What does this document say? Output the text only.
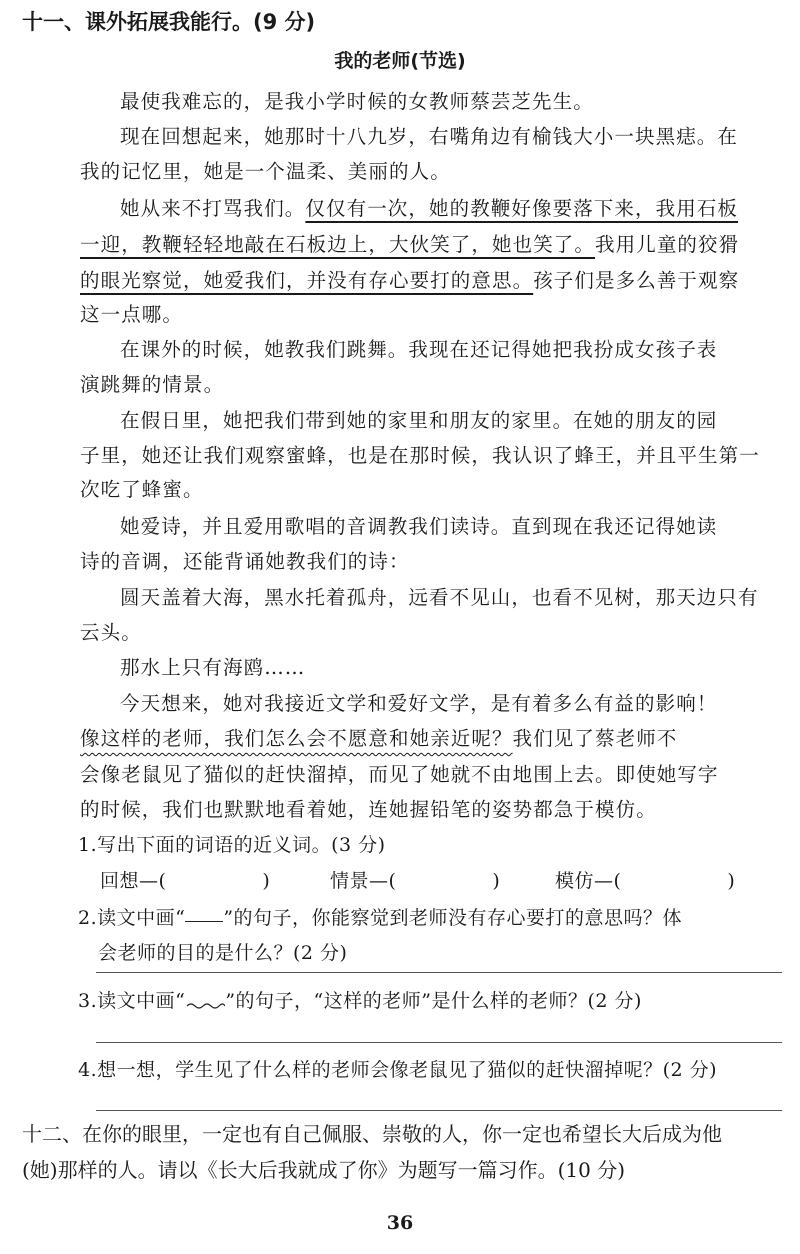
十一、课外拓展我能行。(9 分)
我的老师(节选)
最使我难忘的，是我小学时候的女教师蔡芸芝先生。
现在回想起来，她那时十八九岁，右嘴角边有榆钱大小一块黑痣。在
我的记忆里，她是一个温柔、美丽的人。
她从来不打骂我们。仅仅有一次，她的教鞭好像要落下来，我用石板
一迎，教鞭轻轻地敲在石板边上，大伙笑了，她也笑了。我用儿童的狡猾
的眼光察觉，她爱我们，并没有存心要打的意思。孩子们是多么善于观察
这一点哪。
在课外的时候，她教我们跳舞。我现在还记得她把我扮成女孩子表
演跳舞的情景。
在假日里，她把我们带到她的家里和朋友的家里。在她的朋友的园
子里，她还让我们观察蜜蜂，也是在那时候，我认识了蜂王，并且平生第一
次吃了蜂蜜。
她爱诗，并且爱用歌唱的音调教我们读诗。直到现在我还记得她读
诗的音调，还能背诵她教我们的诗：
圆天盖着大海，黑水托着孤舟，远看不见山，也看不见树，那天边只有
云头。
那水上只有海鸥……
今天想来，她对我接近文学和爱好文学，是有着多么有益的影响！
像这样的老师，我们怎么会不愿意和她亲近呢？我们见了蔡老师不
会像老鼠见了猫似的赶快溜掉，而见了她就不由地围上去。即使她写字
的时候，我们也默默地看着她，连她握铅笔的姿势都急于模仿。
1.写出下面的词语的近义词。(3 分)
回想—(	)	情景—(	)	模仿—(	)
2.读文中画“ ”的句子，你能察觉到老师没有存心要打的意思吗？体
会老师的目的是什么？(2 分)
3.读文中画“ ”的句子，“这样的老师”是什么样的老师？(2 分)
4.想一想，学生见了什么样的老师会像老鼠见了猫似的赶快溜掉呢？(2 分)
十二、在你的眼里，一定也有自己佩服、崇敬的人，你一定也希望长大后成为他
(她)那样的人。请以《长大后我就成了你》为题写一篇习作。(10 分)
36
